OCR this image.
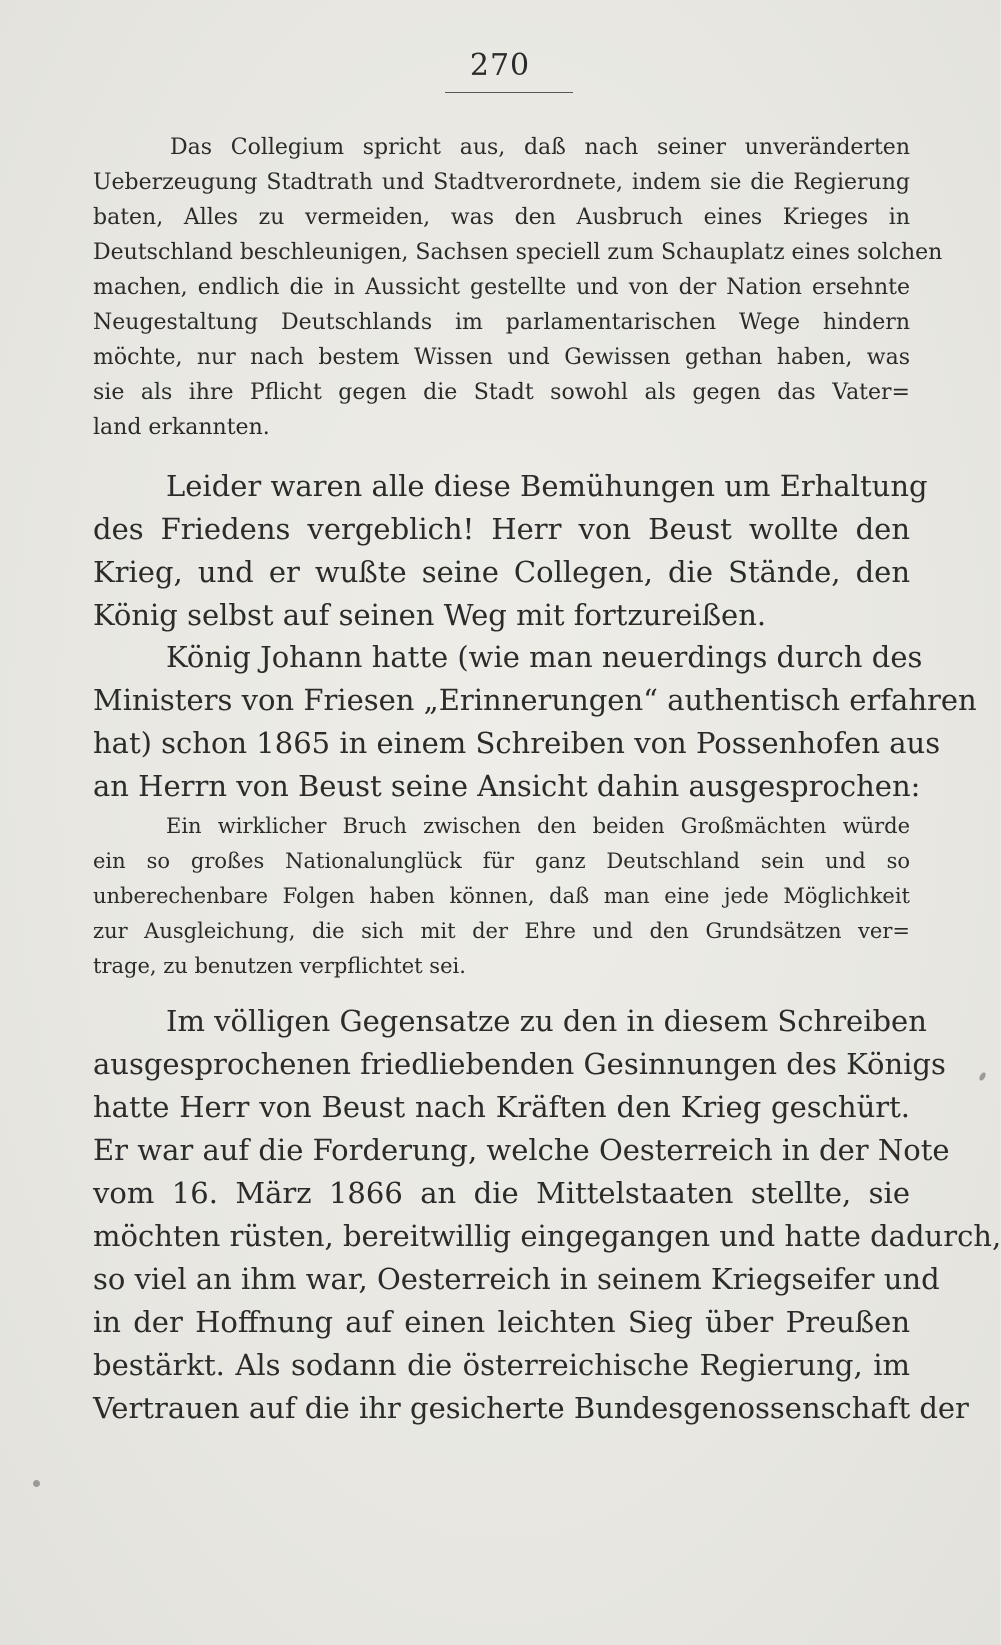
270
Das Collegium spricht aus, daß nach seiner unveränderten
Ueberzeugung Stadtrath und Stadtverordnete, indem sie die Regierung
baten, Alles zu vermeiden, was den Ausbruch eines Krieges in
Deutschland beschleunigen, Sachsen speciell zum Schauplatz eines solchen
machen, endlich die in Aussicht gestellte und von der Nation ersehnte
Neugestaltung Deutschlands im parlamentarischen Wege hindern
möchte, nur nach bestem Wissen und Gewissen gethan haben, was
sie als ihre Pflicht gegen die Stadt sowohl als gegen das Vater=
land erkannten.
Leider waren alle diese Bemühungen um Erhaltung
des Friedens vergeblich! Herr von Beust wollte den
Krieg, und er wußte seine Collegen, die Stände, den
König selbst auf seinen Weg mit fortzureißen.
König Johann hatte (wie man neuerdings durch des
Ministers von Friesen „Erinnerungen“ authentisch erfahren
hat) schon 1865 in einem Schreiben von Possenhofen aus
an Herrn von Beust seine Ansicht dahin ausgesprochen:
Ein wirklicher Bruch zwischen den beiden Großmächten würde
ein so großes Nationalunglück für ganz Deutschland sein und so
unberechenbare Folgen haben können, daß man eine jede Möglichkeit
zur Ausgleichung, die sich mit der Ehre und den Grundsätzen ver=
trage, zu benutzen verpflichtet sei.
Im völligen Gegensatze zu den in diesem Schreiben
ausgesprochenen friedliebenden Gesinnungen des Königs
hatte Herr von Beust nach Kräften den Krieg geschürt.
Er war auf die Forderung, welche Oesterreich in der Note
vom 16. März 1866 an die Mittelstaaten stellte, sie
möchten rüsten, bereitwillig eingegangen und hatte dadurch,
so viel an ihm war, Oesterreich in seinem Kriegseifer und
in der Hoffnung auf einen leichten Sieg über Preußen
bestärkt. Als sodann die österreichische Regierung, im
Vertrauen auf die ihr gesicherte Bundesgenossenschaft der
